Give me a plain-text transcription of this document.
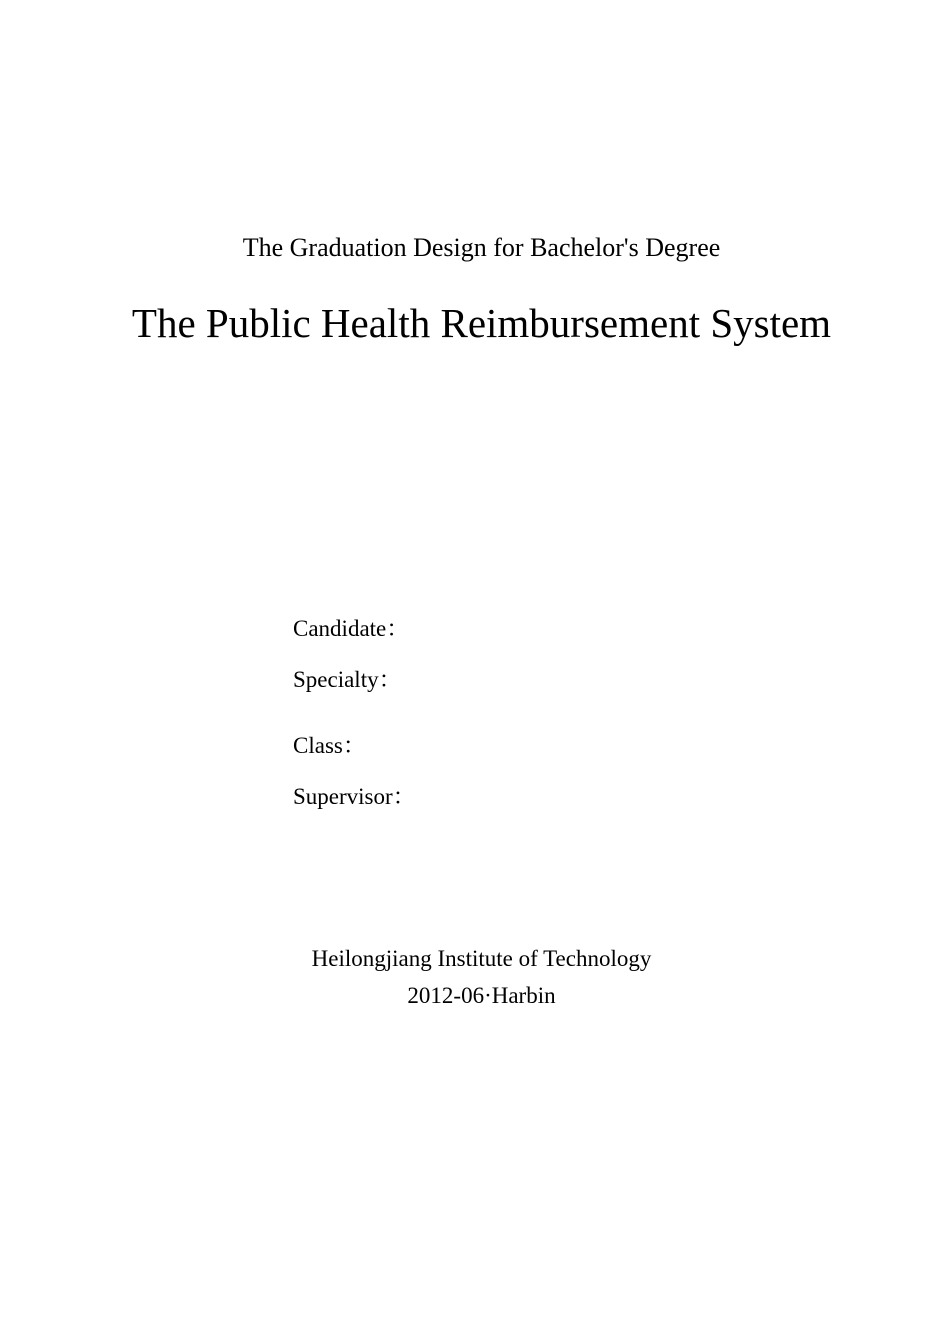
The Graduation Design for Bachelor's Degree
The Public Health Reimbursement System
Candidate：
Specialty：
Class：
Supervisor：
Heilongjiang Institute of Technology
2012-06·Harbin
